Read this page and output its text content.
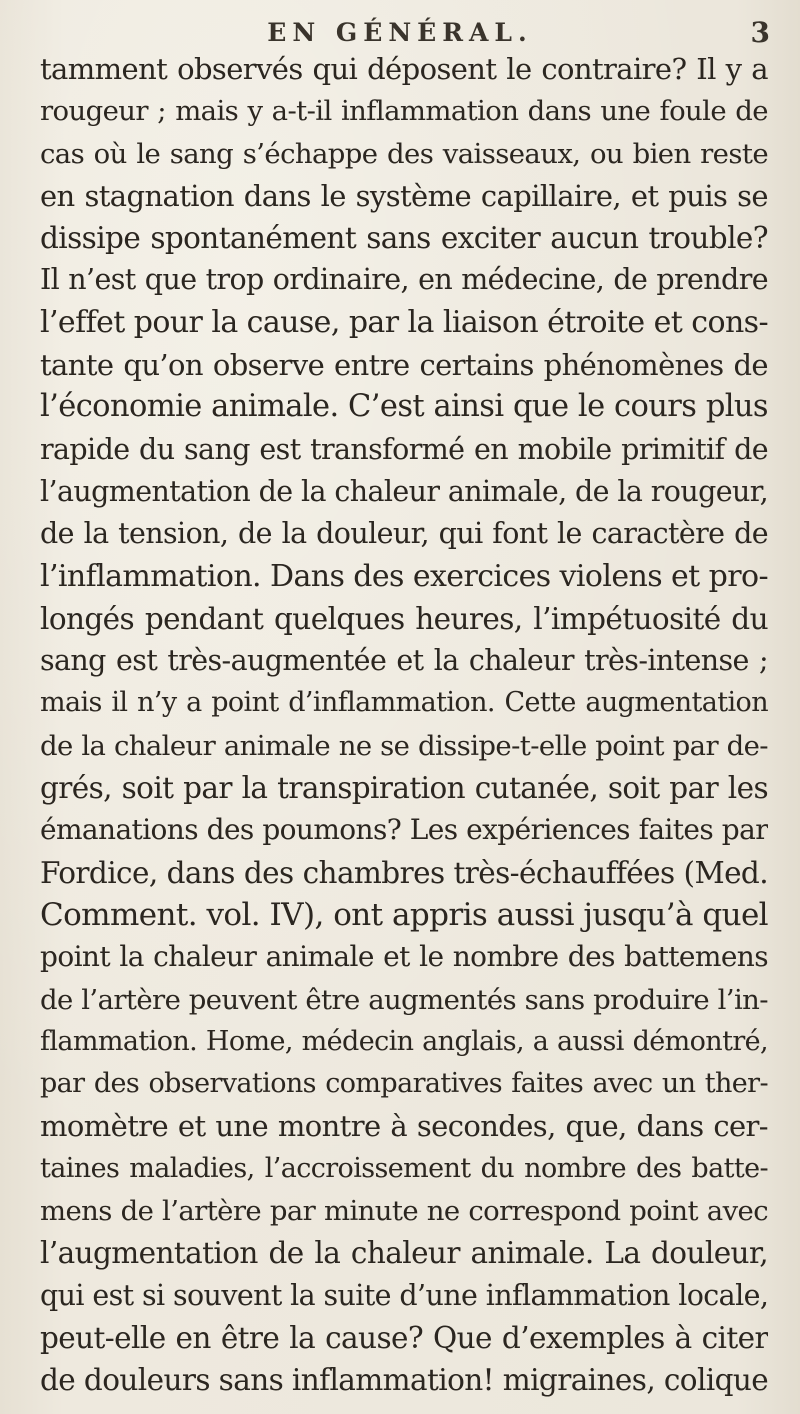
EN GÉNÉRAL.	3
tamment observés qui déposent le contraire? Il y a
rougeur ; mais y a-t-il inflammation dans une foule de
cas où le sang s’échappe des vaisseaux, ou bien reste
en stagnation dans le système capillaire, et puis se
dissipe spontanément sans exciter aucun trouble?
Il n’est que trop ordinaire, en médecine, de prendre
l’effet pour la cause, par la liaison étroite et cons-
tante qu’on observe entre certains phénomènes de
l’économie animale. C’est ainsi que le cours plus
rapide du sang est transformé en mobile primitif de
l’augmentation de la chaleur animale, de la rougeur,
de la tension, de la douleur, qui font le caractère de
l’inflammation. Dans des exercices violens et pro-
longés pendant quelques heures, l’impétuosité du
sang est très-augmentée et la chaleur très-intense ;
mais il n’y a point d’inflammation. Cette augmentation
de la chaleur animale ne se dissipe-t-elle point par de-
grés, soit par la transpiration cutanée, soit par les
émanations des poumons? Les expériences faites par
Fordice, dans des chambres très-échauffées (Med.
Comment. vol. IV), ont appris aussi jusqu’à quel
point la chaleur animale et le nombre des battemens
de l’artère peuvent être augmentés sans produire l’in-
flammation. Home, médecin anglais, a aussi démontré,
par des observations comparatives faites avec un ther-
momètre et une montre à secondes, que, dans cer-
taines maladies, l’accroissement du nombre des batte-
mens de l’artère par minute ne correspond point avec
l’augmentation de la chaleur animale. La douleur,
qui est si souvent la suite d’une inflammation locale,
peut-elle en être la cause? Que d’exemples à citer
de douleurs sans inflammation! migraines, colique
